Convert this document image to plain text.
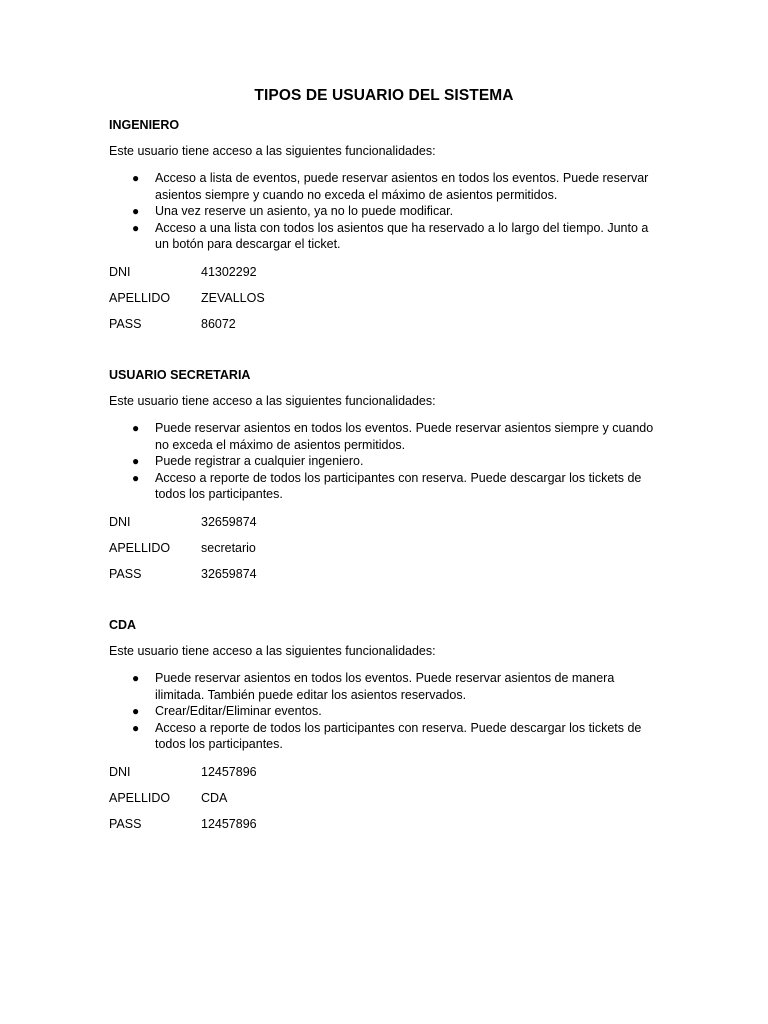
TIPOS DE USUARIO DEL SISTEMA
INGENIERO
Este usuario tiene acceso a las siguientes funcionalidades:
● Acceso a lista de eventos, puede reservar asientos en todos los eventos. Puede reservar asientos siempre y cuando no exceda el máximo de asientos permitidos.
● Una vez reserve un asiento, ya no lo puede modificar.
● Acceso a una lista con todos los asientos que ha reservado a lo largo del tiempo. Junto a un botón para descargar el ticket.
DNI	41302292
APELLIDO ZEVALLOS
PASS	86072
USUARIO SECRETARIA
Este usuario tiene acceso a las siguientes funcionalidades:
● Puede reservar asientos en todos los eventos. Puede reservar asientos siempre y cuando no exceda el máximo de asientos permitidos.
● Puede registrar a cualquier ingeniero.
● Acceso a reporte de todos los participantes con reserva. Puede descargar los tickets de todos los participantes.
DNI	32659874
APELLIDO secretario
PASS	32659874
CDA
Este usuario tiene acceso a las siguientes funcionalidades:
● Puede reservar asientos en todos los eventos. Puede reservar asientos de manera ilimitada. También puede editar los asientos reservados.
● Crear/Editar/Eliminar eventos.
● Acceso a reporte de todos los participantes con reserva. Puede descargar los tickets de todos los participantes.
DNI	12457896
APELLIDO CDA
PASS	12457896
